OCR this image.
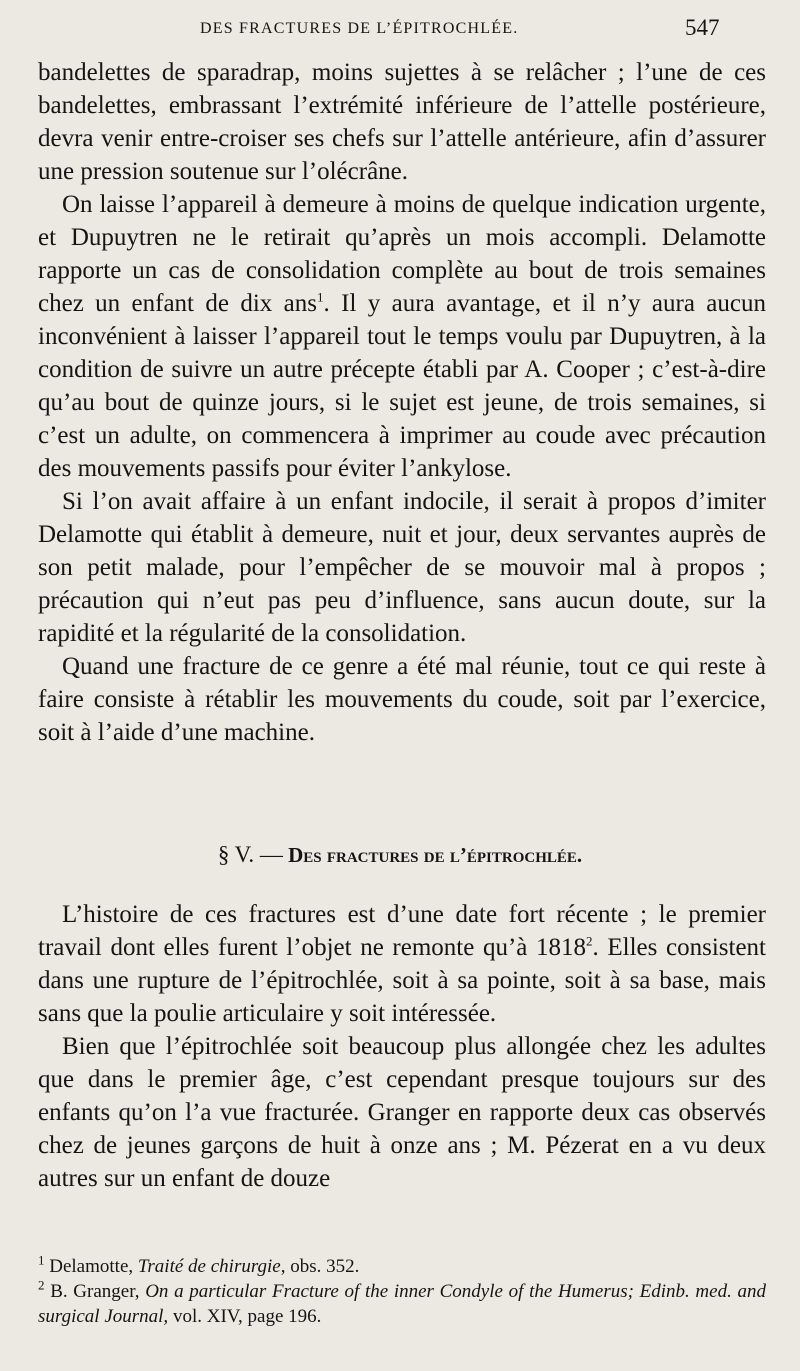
DES FRACTURES DE L’ÉPITROCHLÉE.	547

bandelettes de sparadrap, moins sujettes à se relâcher ; l’une de ces bandelettes, embrassant l’extrémité inférieure de l’attelle postérieure, devra venir entre-croiser ses chefs sur l’attelle antérieure, afin d’assurer une pression soutenue sur l’olécrâne.

On laisse l’appareil à demeure à moins de quelque indication urgente, et Dupuytren ne le retirait qu’après un mois accompli. Delamotte rapporte un cas de consolidation complète au bout de trois semaines chez un enfant de dix ans$^1$. Il y aura avantage, et il n’y aura aucun inconvénient à laisser l’appareil tout le temps voulu par Dupuytren, à la condition de suivre un autre précepte établi par A. Cooper ; c’est-à-dire qu’au bout de quinze jours, si le sujet est jeune, de trois semaines, si c’est un adulte, on commencera à imprimer au coude avec précaution des mouvements passifs pour éviter l’ankylose.

Si l’on avait affaire à un enfant indocile, il serait à propos d’imiter Delamotte qui établit à demeure, nuit et jour, deux servantes auprès de son petit malade, pour l’empêcher de se mouvoir mal à propos ; précaution qui n’eut pas peu d’influence, sans aucun doute, sur la rapidité et la régularité de la consolidation.

Quand une fracture de ce genre a été mal réunie, tout ce qui reste à faire consiste à rétablir les mouvements du coude, soit par l’exercice, soit à l’aide d’une machine.

§ V. — Des fractures de l’épitrochlée.

L’histoire de ces fractures est d’une date fort récente ; le premier travail dont elles furent l’objet ne remonte qu’à 1818$^2$. Elles consistent dans une rupture de l’épitrochlée, soit à sa pointe, soit à sa base, mais sans que la poulie articulaire y soit intéressée.

Bien que l’épitrochlée soit beaucoup plus allongée chez les adultes que dans le premier âge, c’est cependant presque toujours sur des enfants qu’on l’a vue fracturée. Granger en rapporte deux cas observés chez de jeunes garçons de huit à onze ans ; M. Pézerat en a vu deux autres sur un enfant de douze

$^1$ Delamotte, Traité de chirurgie, obs. 352.

$^2$ B. Granger, On a particular Fracture of the inner Condyle of the Humerus; Edinb. med. and surgical Journal, vol. XIV, page 196.
